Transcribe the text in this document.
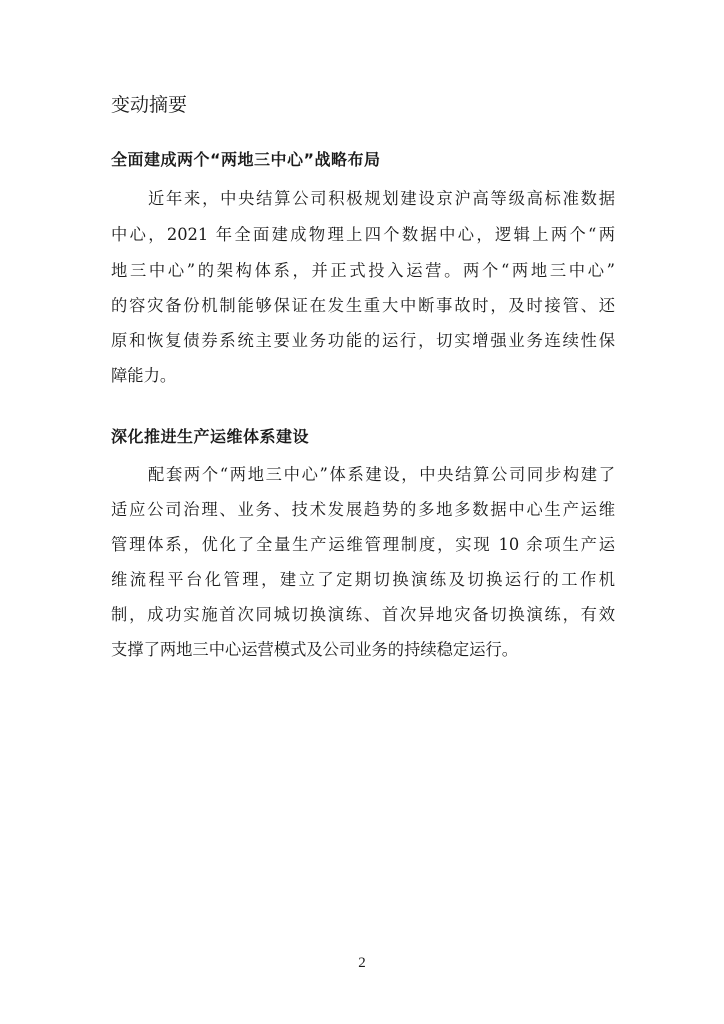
变动摘要
全面建成两个“两地三中心”战略布局

近年来，中央结算公司积极规划建设京沪高等级高标准数据

中心，2021 年全面建成物理上四个数据中心，逻辑上两个“两

地三中心”的架构体系，并正式投入运营。两个“两地三中心”

的容灾备份机制能够保证在发生重大中断事故时，及时接管、还

原和恢复债券系统主要业务功能的运行，切实增强业务连续性保

障能力。

深化推进生产运维体系建设

配套两个“两地三中心”体系建设，中央结算公司同步构建了

适应公司治理、业务、技术发展趋势的多地多数据中心生产运维

管理体系，优化了全量生产运维管理制度，实现 10 余项生产运

维流程平台化管理，建立了定期切换演练及切换运行的工作机

制，成功实施首次同城切换演练、首次异地灾备切换演练，有效

支撑了两地三中心运营模式及公司业务的持续稳定运行。

2
